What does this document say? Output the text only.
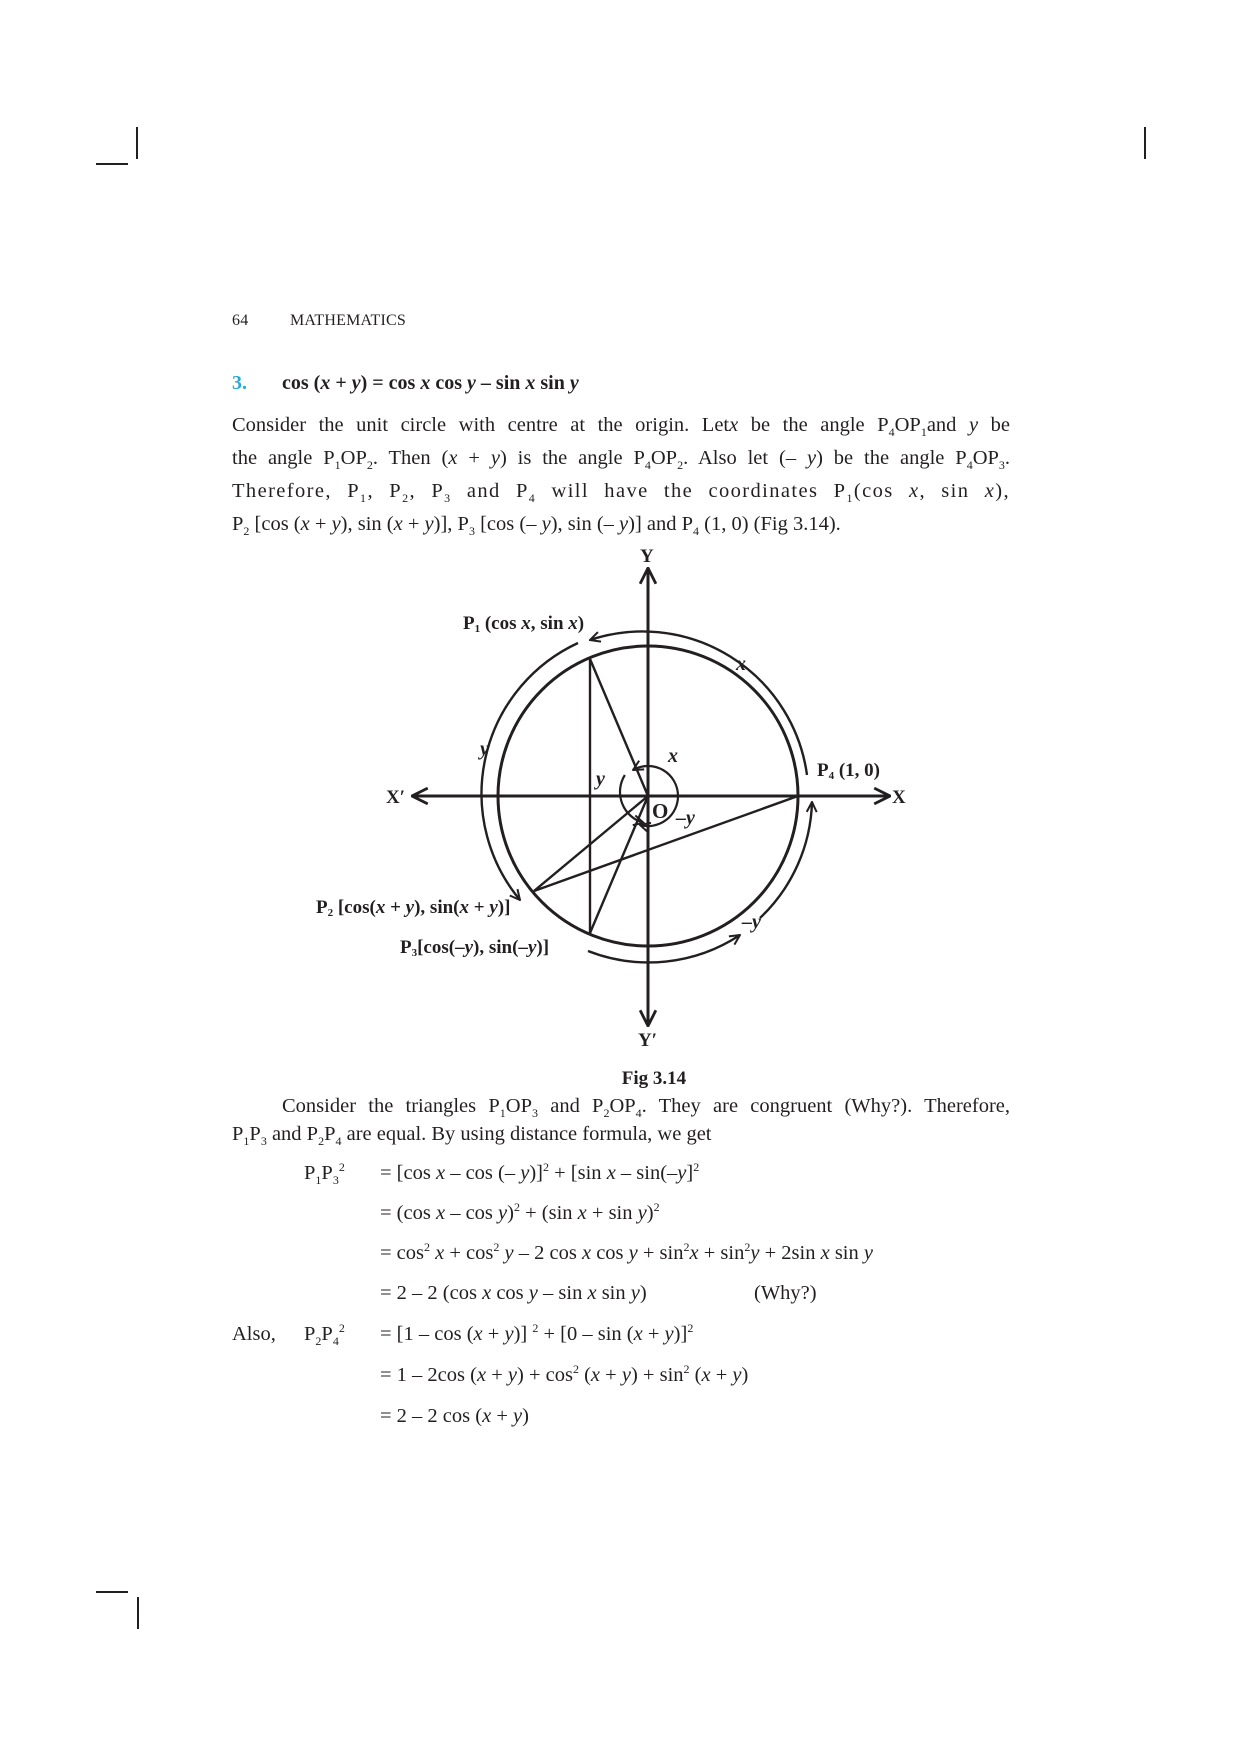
64	MATHEMATICS
3. cos (x + y) = cos x cos y – sin x sin y

Consider the unit circle with centre at the origin. Letx be the angle $P_4OP_1and$ y be

the angle $P_1OP_2$. Then (x + y) is the angle $P_4OP_2$. Also let (– y) be the angle $P_4OP_3$.

Therefore, $P_1$, $P_2$, $P_3$ and $P_4$ will have the coordinates $P_1(\cos$ x, sin x),

$P_2$ [cos (x + y), sin (x + y)], $P_3$ [cos (– y), sin (– y)] and $P_4$ (1, 0) (Fig 3.14).

Y
Y′
X
X′
O
P1 (cos x, sin x)
P4 (1, 0)
P2 [cos(x + y), sin(x + y)]
P3[cos(–y), sin(–y)]
x
y
–y
x
y
–y
Fig 3.14

Consider the triangles $P_1OP_3$ and $P_2OP_4$. They are congruent (Why?). Therefore,

$P_1P_3$ and $P_2P_4$ are equal. By using distance formula, we get

$P_1P_3^2 = [\cos$ x – cos (– y)]$^2$ + [sin x – sin(–y]$^2$
= (cos x – cos y)$^2$ + (sin x + sin y)$^2$
= $\cos^2 x + \cos^2 y - 2$ cos x $\cos y + \sin^2x + \sin^2y + 2\sin$ x sin y
= 2 – 2 (cos x cos y – sin x sin y)	(Why?)
Also, $P_2P_4^2 = [1 - \cos (x + y)] ^2 + [0 - \sin (x + y)]^2$
= 1 – 2cos $(x + y) + \cos^2 (x + y) + \sin^2 (x + y)$
= 2 – 2 cos (x + y)
